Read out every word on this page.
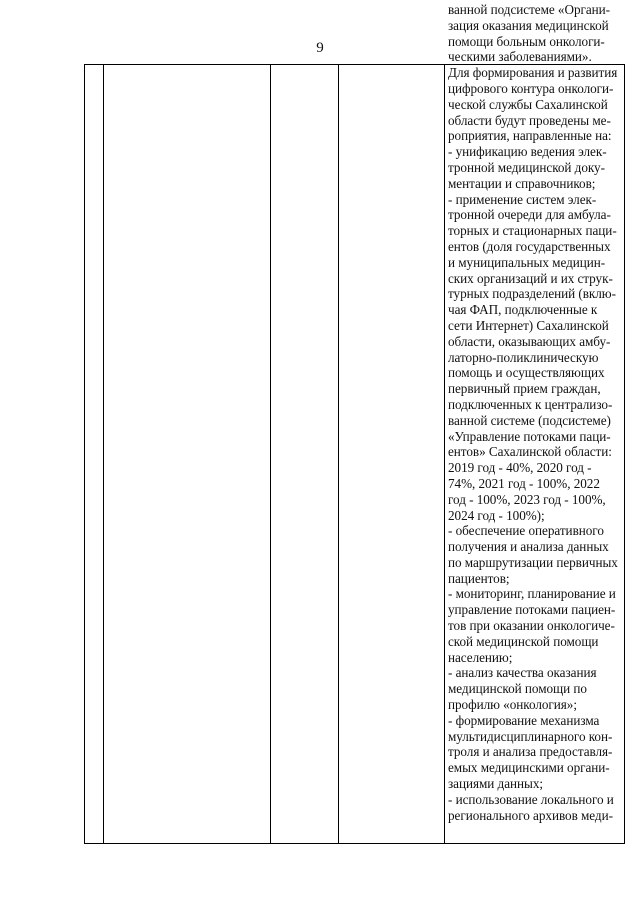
9
ванной подсистеме «Органи-
зация оказания медицинской
помощи больным онкологи-
ческими заболеваниями».
Для формирования и развития
цифрового контура онкологи-
ческой службы Сахалинской
области будут проведены ме-
роприятия, направленные на:
- унификацию ведения элек-
тронной медицинской доку-
ментации и справочников;
- применение систем элек-
тронной очереди для амбула-
торных и стационарных паци-
ентов (доля государственных
и муниципальных медицин-
ских организаций и их струк-
турных подразделений (вклю-
чая ФАП, подключенные к
сети Интернет) Сахалинской
области, оказывающих амбу-
латорно-поликлиническую
помощь и осуществляющих
первичный прием граждан,
подключенных к централизо-
ванной системе (подсистеме)
«Управление потоками паци-
ентов» Сахалинской области:
2019 год - 40%, 2020 год -
74%, 2021 год - 100%, 2022
год - 100%, 2023 год - 100%,
2024 год - 100%);
- обеспечение оперативного
получения и анализа данных
по маршрутизации первичных
пациентов;
- мониторинг, планирование и
управление потоками пациен-
тов при оказании онкологиче-
ской медицинской помощи
населению;
- анализ качества оказания
медицинской помощи по
профилю «онкология»;
- формирование механизма
мультидисциплинарного кон-
троля и анализа предоставля-
емых медицинскими органи-
зациями данных;
- использование локального и
регионального архивов меди-
